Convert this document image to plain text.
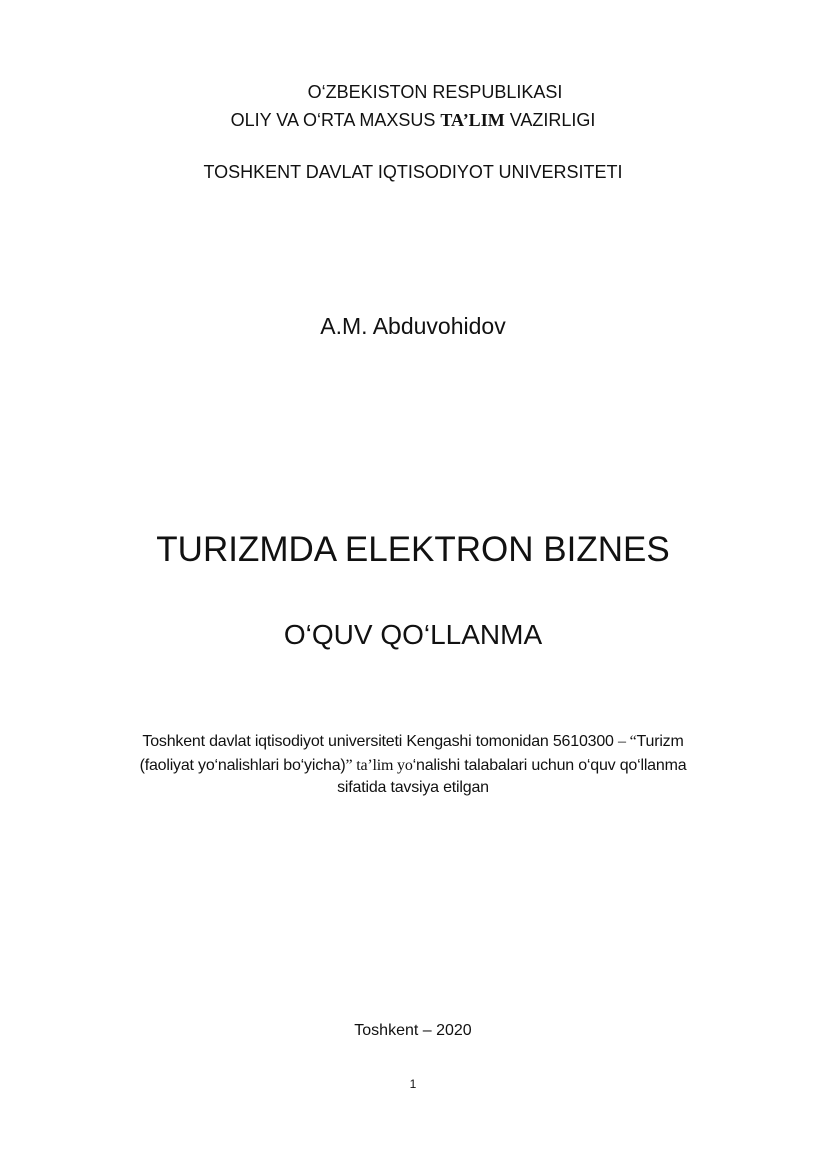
O‘ZBEKISTON RESPUBLIKASI
OLIY VA O‘RTA MAXSUS TA’LIM VAZIRLIGI
TOSHKENT DAVLAT IQTISODIYOT UNIVERSITETI
A.M. Abduvohidov
TURIZMDA ELEKTRON BIZNES
O‘QUV QO‘LLANMA
Toshkent davlat iqtisodiyot universiteti Kengashi tomonidan 5610300 – “Turizm
(faoliyat yo‘nalishlari bo‘yicha)” ta’lim yo‘nalishi talabalari uchun o‘quv qo‘llanma
sifatida tavsiya etilgan
Toshkent – 2020
1
